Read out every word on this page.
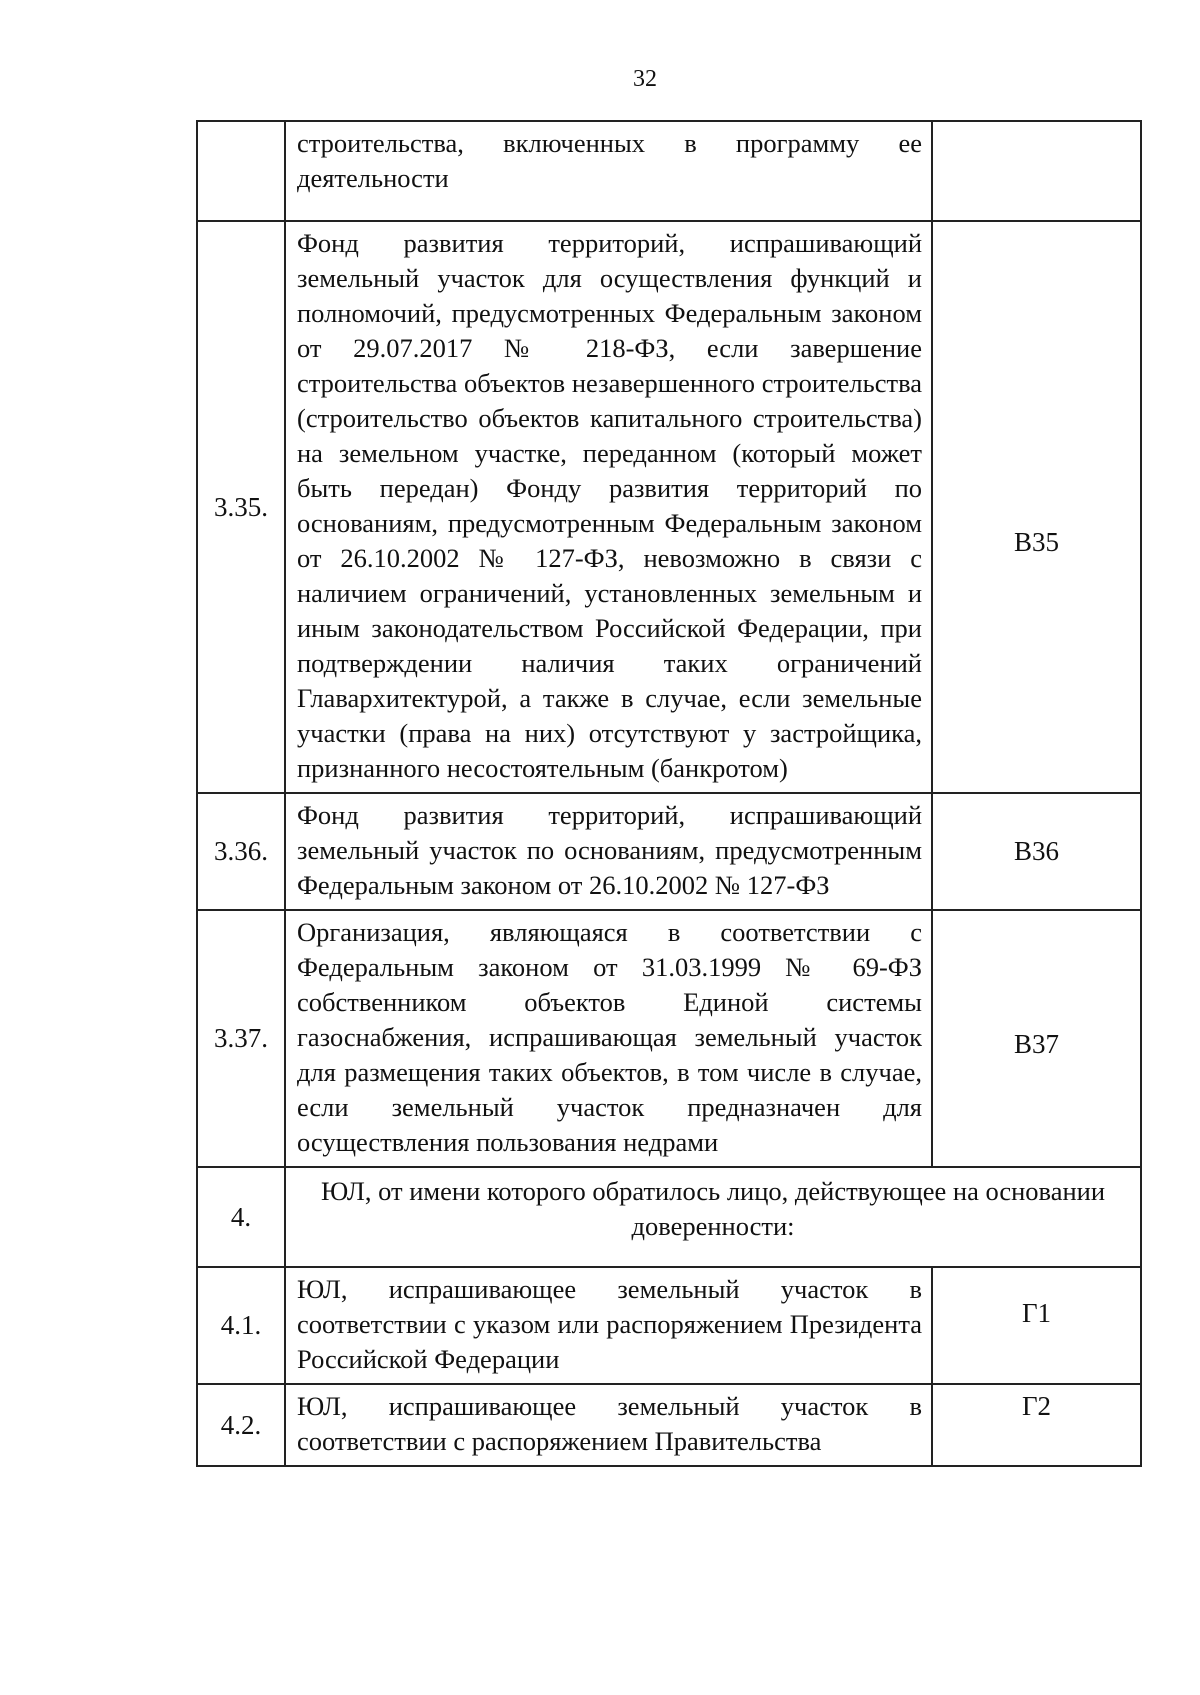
32
	строительства, включенных в программу ее деятельности	

3.35.	Фонд развития территорий, испрашивающий земельный участок для осуществления функций и полномочий, предусмотренных Федеральным законом от 29.07.2017 № 218-ФЗ, если завершение строительства объектов незавершенного строительства (строительство объектов капитального строительства) на земельном участке, переданном (который может быть передан) Фонду развития территорий по основаниям, предусмотренным Федеральным законом от 26.10.2002 № 127-ФЗ, невозможно в связи с наличием ограничений, установленных земельным и иным законодательством Российской Федерации, при подтверждении наличия таких ограничений Главархитектурой, а также в случае, если земельные участки (права на них) отсутствуют у застройщика, признанного несостоятельным (банкротом)	В35

3.36.	Фонд развития территорий, испрашивающий земельный участок по основаниям, предусмотренным Федеральным законом от 26.10.2002 № 127-ФЗ	В36

3.37.	Организация, являющаяся в соответствии с Федеральным законом от 31.03.1999 № 69-ФЗ собственником объектов Единой системы газоснабжения, испрашивающая земельный участок для размещения таких объектов, в том числе в случае, если земельный участок предназначен для осуществления пользования недрами	В37

4.	ЮЛ, от имени которого обратилось лицо, действующее на основании доверенности:	
4.1.	ЮЛ, испрашивающее земельный участок в соответствии с указом или распоряжением Президента Российской Федерации	Г1

4.2.	ЮЛ, испрашивающее земельный участок в соответствии с распоряжением Правительства	Г2
